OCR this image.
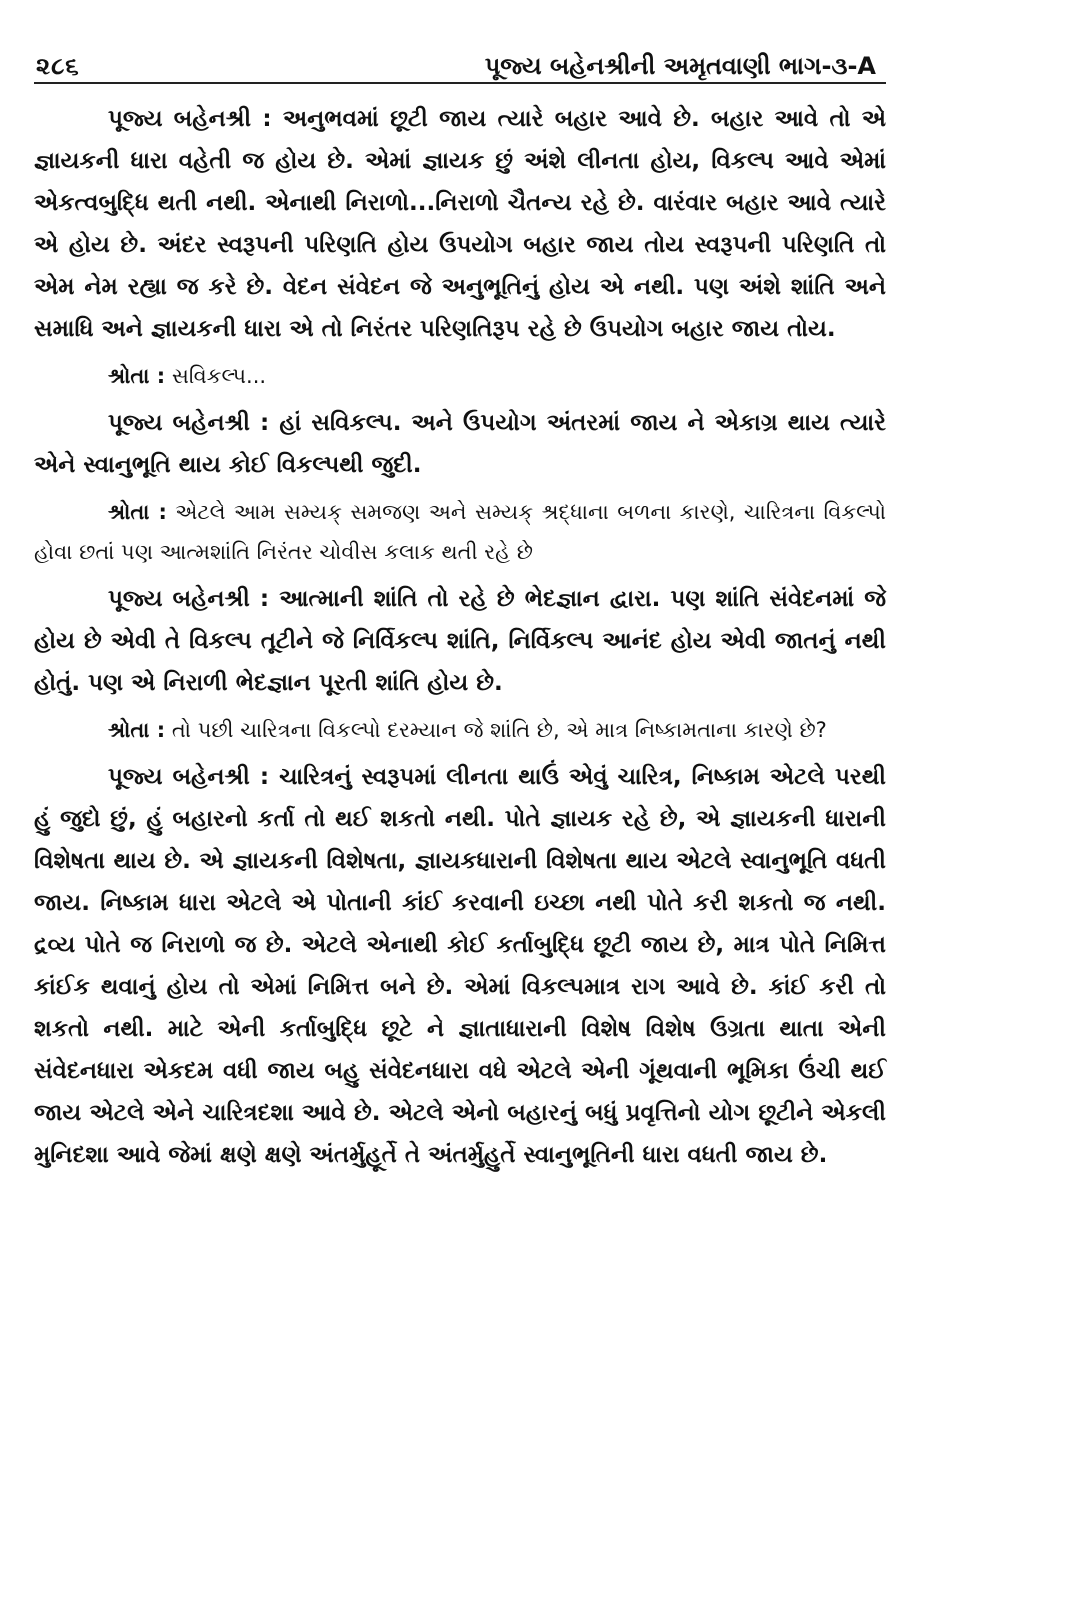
૨૮૬	પૂજ્ય બહેનશ્રીની અમૃતવાણી ભાગ-૩-A

પૂજ્ય બહેનશ્રી : અનુભવમાં છૂટી જાય ત્યારે બહાર આવે છે. બહાર આવે તો એ જ્ઞાયકની ધારા વહેતી જ હોય છે. એમાં જ્ઞાયક છું અંશે લીનતા હોય, વિકલ્પ આવે એમાં એકત્વબુદ્ધિ થતી નથી. એનાથી નિરાળો...નિરાળો ચૈતન્ય રહે છે. વારંવાર બહાર આવે ત્યારે એ હોય છે. અંદર સ્વરૂપની પરિણતિ હોય ઉપયોગ બહાર જાય તોય સ્વરૂપની પરિણતિ તો એમ નેમ રહ્યા જ કરે છે. વેદન સંવેદન જે અનુભૂતિનું હોય એ નથી. પણ અંશે શાંતિ અને સમાધિ અને જ્ઞાયકની ધારા એ તો નિરંતર પરિણતિરૂપ રહે છે ઉપયોગ બહાર જાય તોય.

શ્રોતા : સવિકલ્પ...

પૂજ્ય બહેનશ્રી : હાં સવિકલ્પ. અને ઉપયોગ અંતરમાં જાય ને એકાગ્ર થાય ત્યારે એને સ્વાનુભૂતિ થાય કોઈ વિકલ્પથી જુદી.

શ્રોતા : એટલે આમ સમ્યક્ સમજણ અને સમ્યક્ શ્રદ્ધાના બળના કારણે, ચારિત્રના વિકલ્પો હોવા છતાં પણ આત્મશાંતિ નિરંતર ચોવીસ કલાક થતી રહે છે

પૂજ્ય બહેનશ્રી : આત્માની શાંતિ તો રહે છે ભેદજ્ઞાન દ્વારા. પણ શાંતિ સંવેદનમાં જે હોય છે એવી તે વિકલ્પ તૂટીને જે નિર્વિકલ્પ શાંતિ, નિર્વિકલ્પ આનંદ હોય એવી જાતનું નથી હોતું. પણ એ નિરાળી ભેદજ્ઞાન પૂરતી શાંતિ હોય છે.

શ્રોતા : તો પછી ચારિત્રના વિકલ્પો દરમ્યાન જે શાંતિ છે, એ માત્ર નિષ્કામતાના કારણે છે?

પૂજ્ય બહેનશ્રી : ચારિત્રનું સ્વરૂપમાં લીનતા થાઉં એવું ચારિત્ર, નિષ્કામ એટલે પરથી હું જુદો છું, હું બહારનો કર્તા તો થઈ શકતો નથી. પોતે જ્ઞાયક રહે છે, એ જ્ઞાયકની ધારાની વિશેષતા થાય છે. એ જ્ઞાયકની વિશેષતા, જ્ઞાયકધારાની વિશેષતા થાય એટલે સ્વાનુભૂતિ વધતી જાય. નિષ્કામ ધારા એટલે એ પોતાની કાંઈ કરવાની ઇચ્છા નથી પોતે કરી શકતો જ નથી. દ્રવ્ય પોતે જ નિરાળો જ છે. એટલે એનાથી કોઈ કર્તાબુદ્ધિ છૂટી જાય છે, માત્ર પોતે નિમિત્ત કાંઈક થવાનું હોય તો એમાં નિમિત્ત બને છે. એમાં વિકલ્પમાત્ર રાગ આવે છે. કાંઈ કરી તો શકતો નથી. માટે એની કર્તાબુદ્ધિ છૂટે ને જ્ઞાતાધારાની વિશેષ વિશેષ ઉગ્રતા થાતા એની સંવેદનધારા એકદમ વધી જાય બહુ સંવેદનધારા વધે એટલે એની ગૂંથવાની ભૂમિકા ઉંચી થઈ જાય એટલે એને ચારિત્રદશા આવે છે. એટલે એનો બહારનું બધું પ્રવૃત્તિનો યોગ છૂટીને એકલી મુનિદશા આવે જેમાં ક્ષણે ક્ષણે અંતર્મુહૂર્તે તે અંતર્મુહુર્તે સ્વાનુભૂતિની ધારા વધતી જાય છે.
